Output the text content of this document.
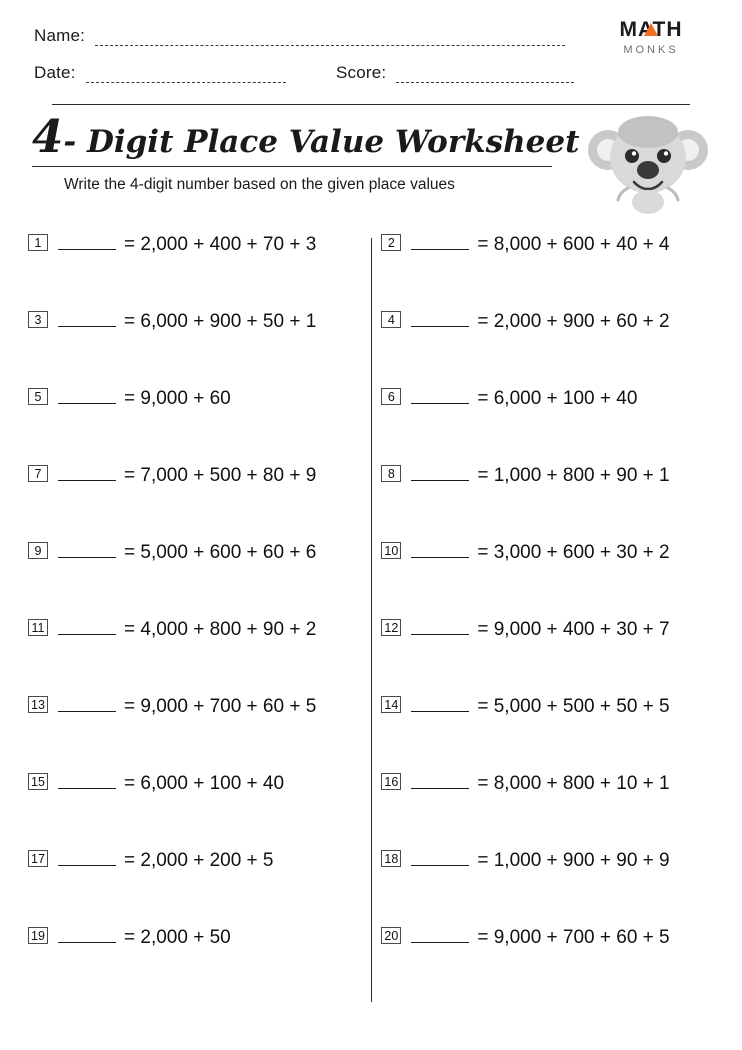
Name:
Date:	Score:
MATH
MONKS
4- Digit Place Value Worksheet
Write the 4-digit number based on the given place values
1	= 2,000 + 400 + 70 + 3
3	= 6,000 + 900 + 50 + 1
5	= 9,000 + 60
7	= 7,000 + 500 + 80 + 9
9	= 5,000 + 600 + 60 + 6
11	= 4,000 + 800 + 90 + 2
13	= 9,000 + 700 + 60 + 5
15	= 6,000 + 100 + 40
17	= 2,000 + 200 + 5
19	= 2,000 + 50
2	= 8,000 + 600 + 40 + 4
4	= 2,000 + 900 + 60 + 2
6	= 6,000 + 100 + 40
8	= 1,000 + 800 + 90 + 1
10	= 3,000 + 600 + 30 + 2
12	= 9,000 + 400 + 30 + 7
14	= 5,000 + 500 + 50 + 5
16	= 8,000 + 800 + 10 + 1
18	= 1,000 + 900 + 90 + 9
20	= 9,000 + 700 + 60 + 5
